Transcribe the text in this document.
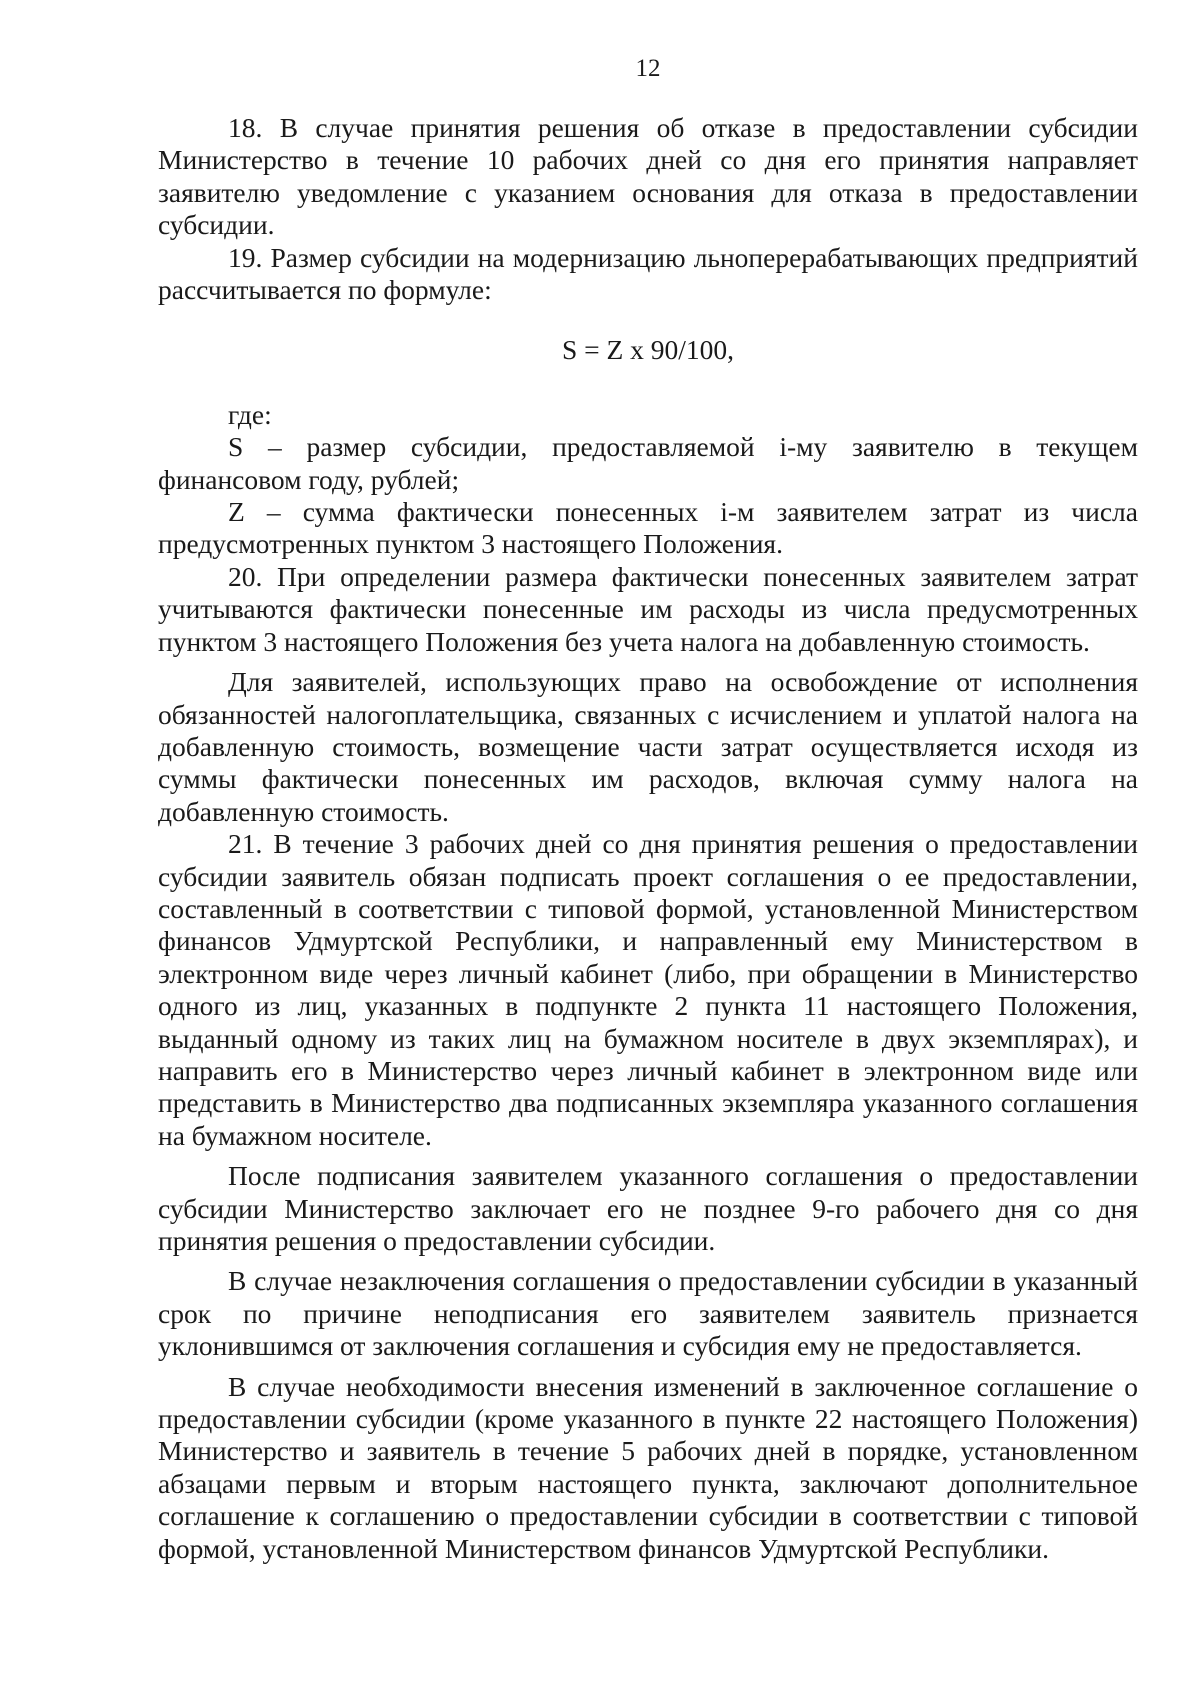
12

18. В случае принятия решения об отказе в предоставлении субсидии Министерство в течение 10 рабочих дней со дня его принятия направляет заявителю уведомление с указанием основания для отказа в предоставлении субсидии.

19. Размер субсидии на модернизацию льноперерабатывающих предприятий рассчитывается по формуле:

S = Z x 90/100,

где:

S – размер субсидии, предоставляемой i-му заявителю в текущем финансовом году, рублей;

Z – сумма фактически понесенных i-м заявителем затрат из числа предусмотренных пунктом 3 настоящего Положения.

20. При определении размера фактически понесенных заявителем затрат учитываются фактически понесенные им расходы из числа предусмотренных пунктом 3 настоящего Положения без учета налога на добавленную стоимость.

Для заявителей, использующих право на освобождение от исполнения обязанностей налогоплательщика, связанных с исчислением и уплатой налога на добавленную стоимость, возмещение части затрат осуществляется исходя из суммы фактически понесенных им расходов, включая сумму налога на добавленную стоимость.

21. В течение 3 рабочих дней со дня принятия решения о предоставлении субсидии заявитель обязан подписать проект соглашения о ее предоставлении, составленный в соответствии с типовой формой, установленной Министерством финансов Удмуртской Республики, и направленный ему Министерством в электронном виде через личный кабинет (либо, при обращении в Министерство одного из лиц, указанных в подпункте 2 пункта 11 настоящего Положения, выданный одному из таких лиц на бумажном носителе в двух экземплярах), и направить его в Министерство через личный кабинет в электронном виде или представить в Министерство два подписанных экземпляра указанного соглашения на бумажном носителе.

После подписания заявителем указанного соглашения о предоставлении субсидии Министерство заключает его не позднее 9-го рабочего дня со дня принятия решения о предоставлении субсидии.

В случае незаключения соглашения о предоставлении субсидии в указанный срок по причине неподписания его заявителем заявитель признается уклонившимся от заключения соглашения и субсидия ему не предоставляется.

В случае необходимости внесения изменений в заключенное соглашение о предоставлении субсидии (кроме указанного в пункте 22 настоящего Положения) Министерство и заявитель в течение 5 рабочих дней в порядке, установленном абзацами первым и вторым настоящего пункта, заключают дополнительное соглашение к соглашению о предоставлении субсидии в соответствии с типовой формой, установленной Министерством финансов Удмуртской Республики.
